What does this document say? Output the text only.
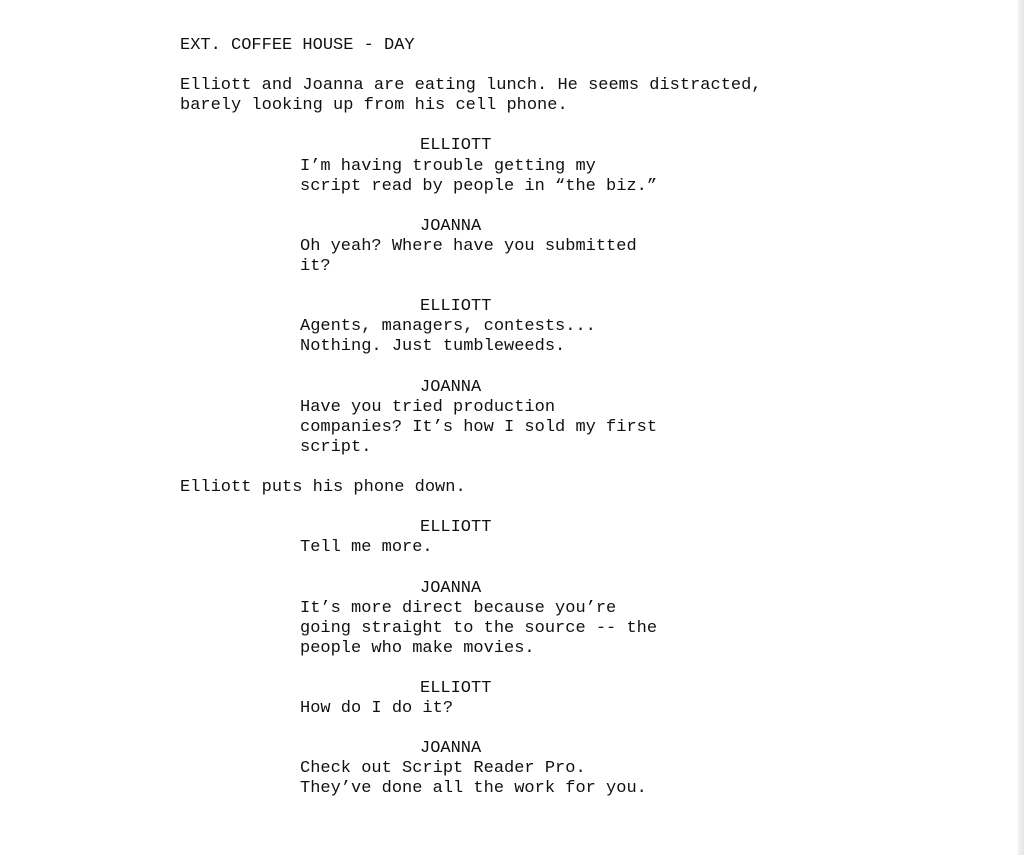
EXT. COFFEE HOUSE - DAY
Elliott and Joanna are eating lunch. He seems distracted,
barely looking up from his cell phone.
ELLIOTT
I’m having trouble getting my
script read by people in “the biz.”
JOANNA
Oh yeah? Where have you submitted
it?
ELLIOTT
Agents, managers, contests...
Nothing. Just tumbleweeds.
JOANNA
Have you tried production
companies? It’s how I sold my first
script.
Elliott puts his phone down.
ELLIOTT
Tell me more.
JOANNA
It’s more direct because you’re
going straight to the source -- the
people who make movies.
ELLIOTT
How do I do it?
JOANNA
Check out Script Reader Pro.
They’ve done all the work for you.
